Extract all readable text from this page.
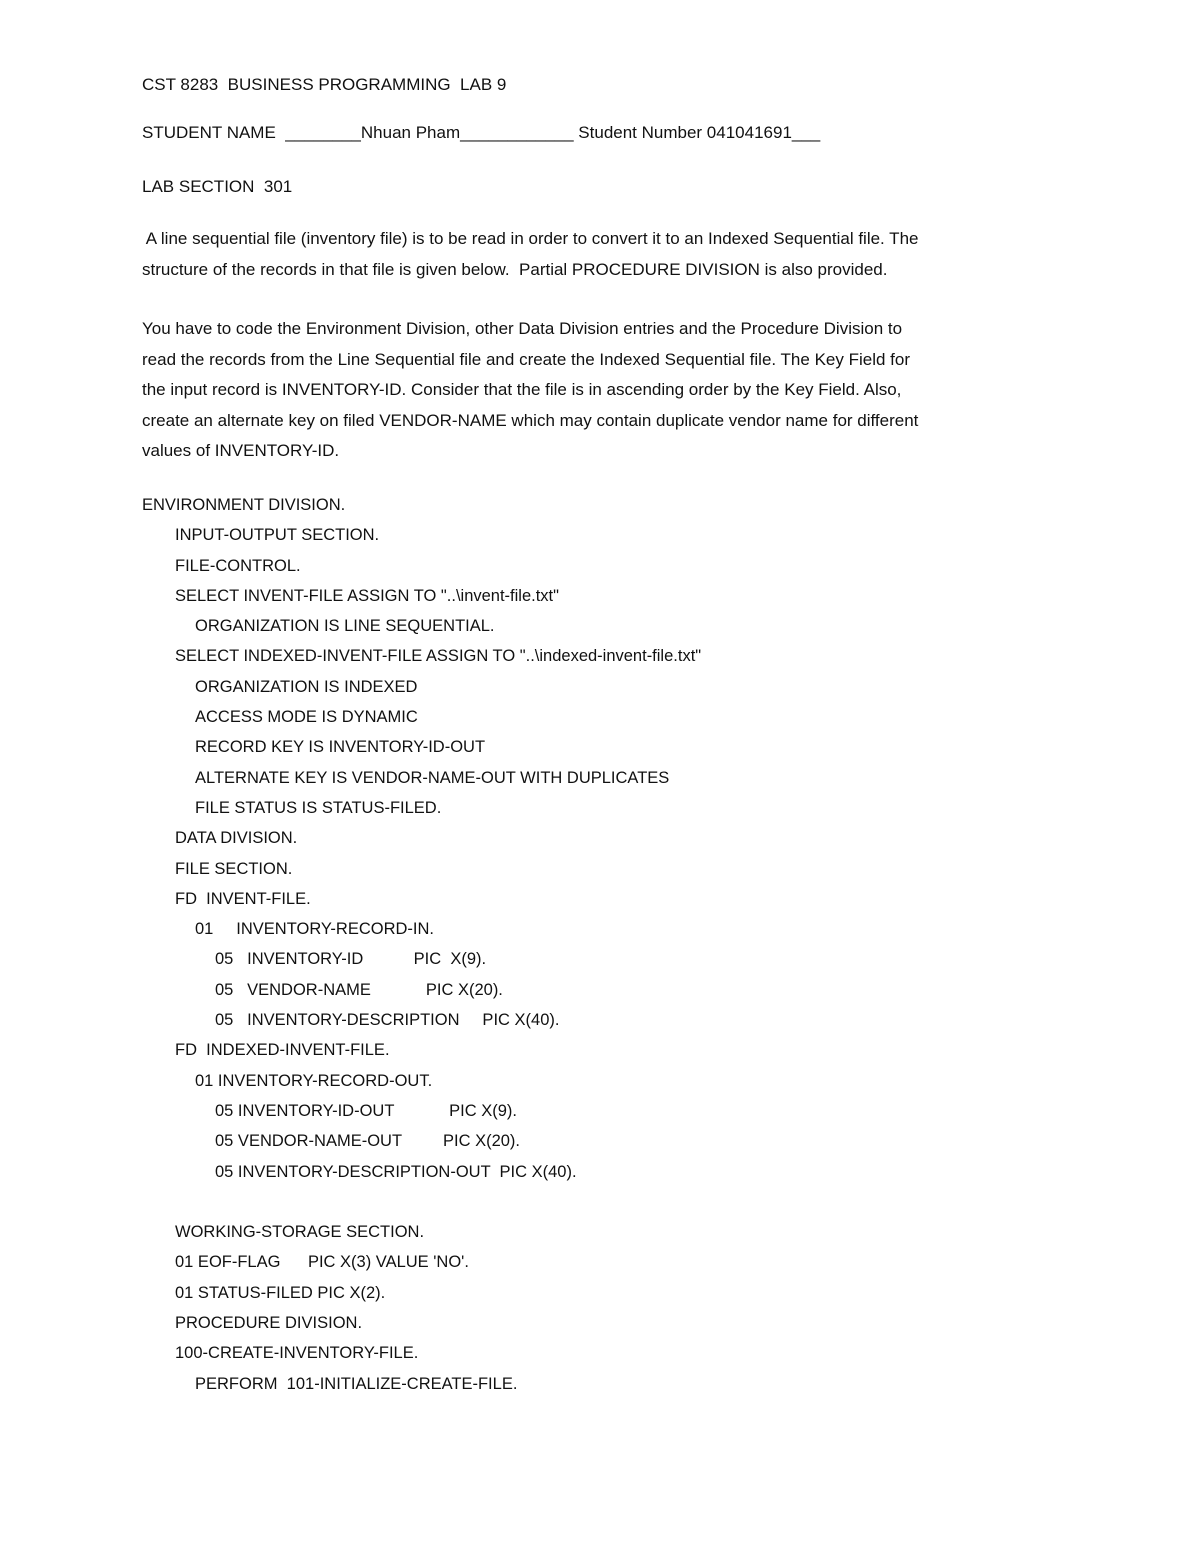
CST 8283  BUSINESS PROGRAMMING  LAB 9
STUDENT NAME  ________Nhuan Pham____________ Student Number 041041691___
LAB SECTION  301
A line sequential file (inventory file) is to be read in order to convert it to an Indexed Sequential file. The
structure of the records in that file is given below.  Partial PROCEDURE DIVISION is also provided.
You have to code the Environment Division, other Data Division entries and the Procedure Division to
read the records from the Line Sequential file and create the Indexed Sequential file. The Key Field for
the input record is INVENTORY-ID. Consider that the file is in ascending order by the Key Field. Also,
create an alternate key on filed VENDOR-NAME which may contain duplicate vendor name for different
values of INVENTORY-ID.
ENVIRONMENT DIVISION.
INPUT-OUTPUT SECTION.
FILE-CONTROL.
SELECT INVENT-FILE ASSIGN TO "..\invent-file.txt"
ORGANIZATION IS LINE SEQUENTIAL.
SELECT INDEXED-INVENT-FILE ASSIGN TO "..\indexed-invent-file.txt"
ORGANIZATION IS INDEXED
ACCESS MODE IS DYNAMIC
RECORD KEY IS INVENTORY-ID-OUT
ALTERNATE KEY IS VENDOR-NAME-OUT WITH DUPLICATES
FILE STATUS IS STATUS-FILED.
DATA DIVISION.
FILE SECTION.
FD  INVENT-FILE.
01     INVENTORY-RECORD-IN.
05   INVENTORY-ID           PIC  X(9).
05   VENDOR-NAME            PIC X(20).
05   INVENTORY-DESCRIPTION     PIC X(40).
FD  INDEXED-INVENT-FILE.
01 INVENTORY-RECORD-OUT.
05 INVENTORY-ID-OUT            PIC X(9).
05 VENDOR-NAME-OUT         PIC X(20).
05 INVENTORY-DESCRIPTION-OUT  PIC X(40).
WORKING-STORAGE SECTION.
01 EOF-FLAG      PIC X(3) VALUE 'NO'.
01 STATUS-FILED PIC X(2).
PROCEDURE DIVISION.
100-CREATE-INVENTORY-FILE.
PERFORM  101-INITIALIZE-CREATE-FILE.
